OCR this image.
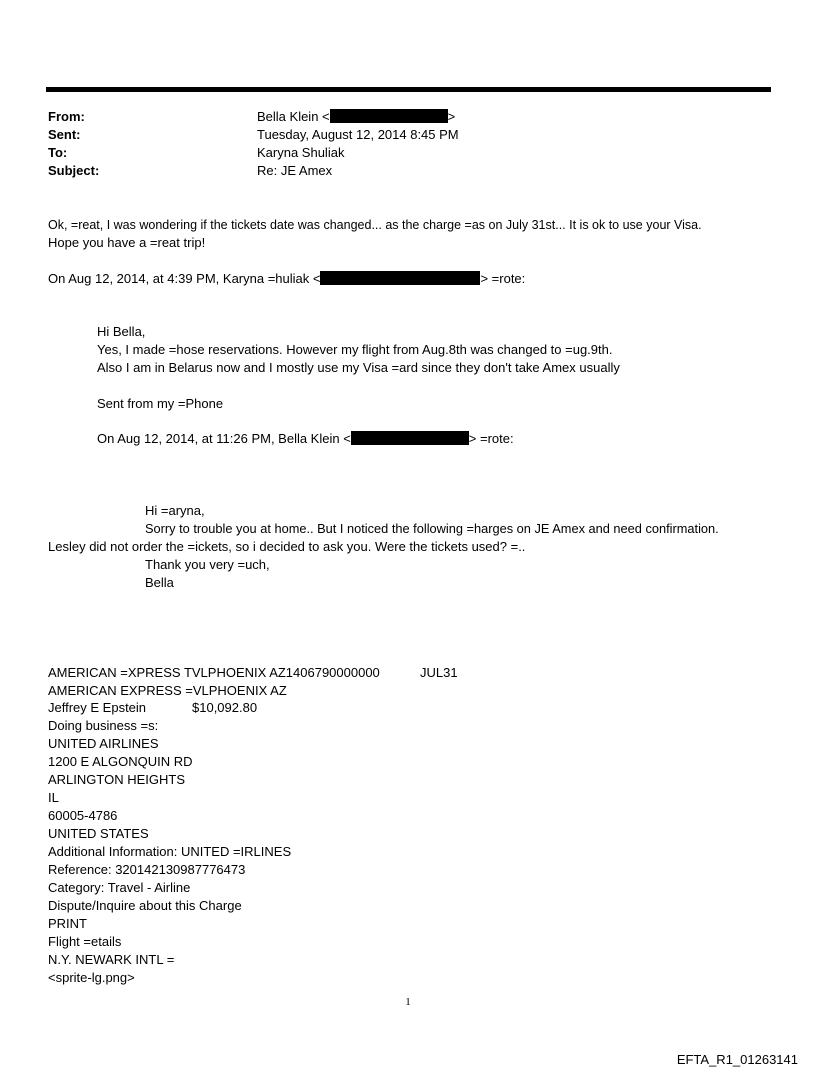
From:	Bella Klein <	>
Sent:	Tuesday, August 12, 2014 8:45 PM
To:	Karyna Shuliak
Subject:	Re: JE Amex
Ok, =reat, I was wondering if the tickets date was changed... as the charge =as on July 31st... It is ok to use your Visa.
Hope you have a =reat trip!
On Aug 12, 2014, at 4:39 PM, Karyna =huliak <	> =rote:
Hi Bella,
Yes, I made =hose reservations. However my flight from Aug.8th was changed to =ug.9th.
Also I am in Belarus now and I mostly use my Visa =ard since they don't take Amex usually
Sent from my =Phone
On Aug 12, 2014, at 11:26 PM, Bella Klein <	> =rote:
Hi =aryna,
Sorry to trouble you at home.. But I noticed the following =harges on JE Amex and need confirmation.
Lesley did not order the =ickets, so i decided to ask you. Were the tickets used? =..
Thank you very =uch,
Bella
AMERICAN =XPRESS TVLPHOENIX AZ1406790000000	JUL31
AMERICAN EXPRESS =VLPHOENIX AZ
Jeffrey E Epstein	$10,092.80
Doing business =s:
UNITED AIRLINES
1200 E ALGONQUIN RD
ARLINGTON HEIGHTS
IL
60005-4786
UNITED STATES
Additional Information: UNITED =IRLINES
Reference: 320142130987776473
Category: Travel - Airline
Dispute/Inquire about this Charge
PRINT
Flight =etails
N.Y. NEWARK INTL =
<sprite-lg.png>
1
EFTA_R1_01263141
